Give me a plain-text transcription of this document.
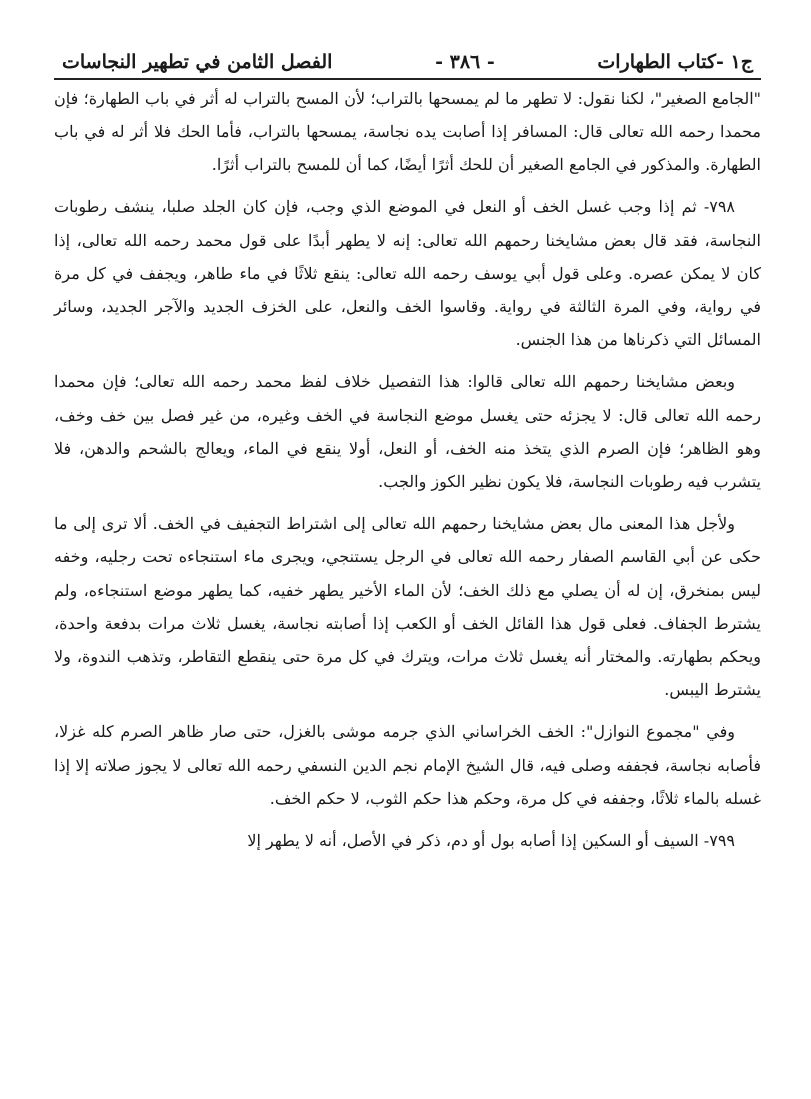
ج١ -كتاب الطهارات
- ٣٨٦ -
الفصل الثامن في تطهير النجاسات

"الجامع الصغير"، لكنا نقول: لا تطهر ما لم يمسحها بالتراب؛ لأن المسح بالتراب له أثر في باب الطهارة؛ فإن محمدا رحمه الله تعالى قال: المسافر إذا أصابت يده نجاسة، يمسحها بالتراب، فأما الحك فلا أثر له في باب الطهارة. والمذكور في الجامع الصغير أن للحك أثرًا أيضًا، كما أن للمسح بالتراب أثرًا.

٧٩٨- ثم إذا وجب غسل الخف أو النعل في الموضع الذي وجب، فإن كان الجلد صلبا، ينشف رطوبات النجاسة، فقد قال بعض مشايخنا رحمهم الله تعالى: إنه لا يطهر أبدًا على قول محمد رحمه الله تعالى، إذا كان لا يمكن عصره. وعلى قول أبي يوسف رحمه الله تعالى: ينقع ثلاثًا في ماء طاهر، ويجفف في كل مرة في رواية، وفي المرة الثالثة في رواية. وقاسوا الخف والنعل، على الخزف الجديد والآجر الجديد، وسائر المسائل التي ذكرناها من هذا الجنس.

وبعض مشايخنا رحمهم الله تعالى قالوا: هذا التفصيل خلاف لفظ محمد رحمه الله تعالى؛ فإن محمدا رحمه الله تعالى قال: لا يجزئه حتى يغسل موضع النجاسة في الخف وغيره، من غير فصل بين خف وخف، وهو الظاهر؛ فإن الصرم الذي يتخذ منه الخف، أو النعل، أولا ينقع في الماء، ويعالج بالشحم والدهن، فلا يتشرب فيه رطوبات النجاسة، فلا يكون نظير الكوز والجب.

ولأجل هذا المعنى مال بعض مشايخنا رحمهم الله تعالى إلى اشتراط التجفيف في الخف. ألا ترى إلى ما حكى عن أبي القاسم الصفار رحمه الله تعالى في الرجل يستنجي، ويجرى ماء استنجاءه تحت رجليه، وخفه ليس بمنخرق، إن له أن يصلي مع ذلك الخف؛ لأن الماء الأخير يطهر خفيه، كما يطهر موضع استنجاءه، ولم يشترط الجفاف. فعلى قول هذا القائل الخف أو الكعب إذا أصابته نجاسة، يغسل ثلاث مرات بدفعة واحدة، ويحكم بطهارته. والمختار أنه يغسل ثلاث مرات، ويترك في كل مرة حتى ينقطع التقاطر، وتذهب الندوة، ولا يشترط اليبس.

وفي "مجموع النوازل": الخف الخراساني الذي جرمه موشى بالغزل، حتى صار ظاهر الصرم كله غزلا، فأصابه نجاسة، فجففه وصلى فيه، قال الشيخ الإمام نجم الدين النسفي رحمه الله تعالى لا يجوز صلاته إلا إذا غسله بالماء ثلاثًا، وجففه في كل مرة، وحكم هذا حكم الثوب، لا حكم الخف.

٧٩٩- السيف أو السكين إذا أصابه بول أو دم، ذكر في الأصل، أنه لا يطهر إلا
